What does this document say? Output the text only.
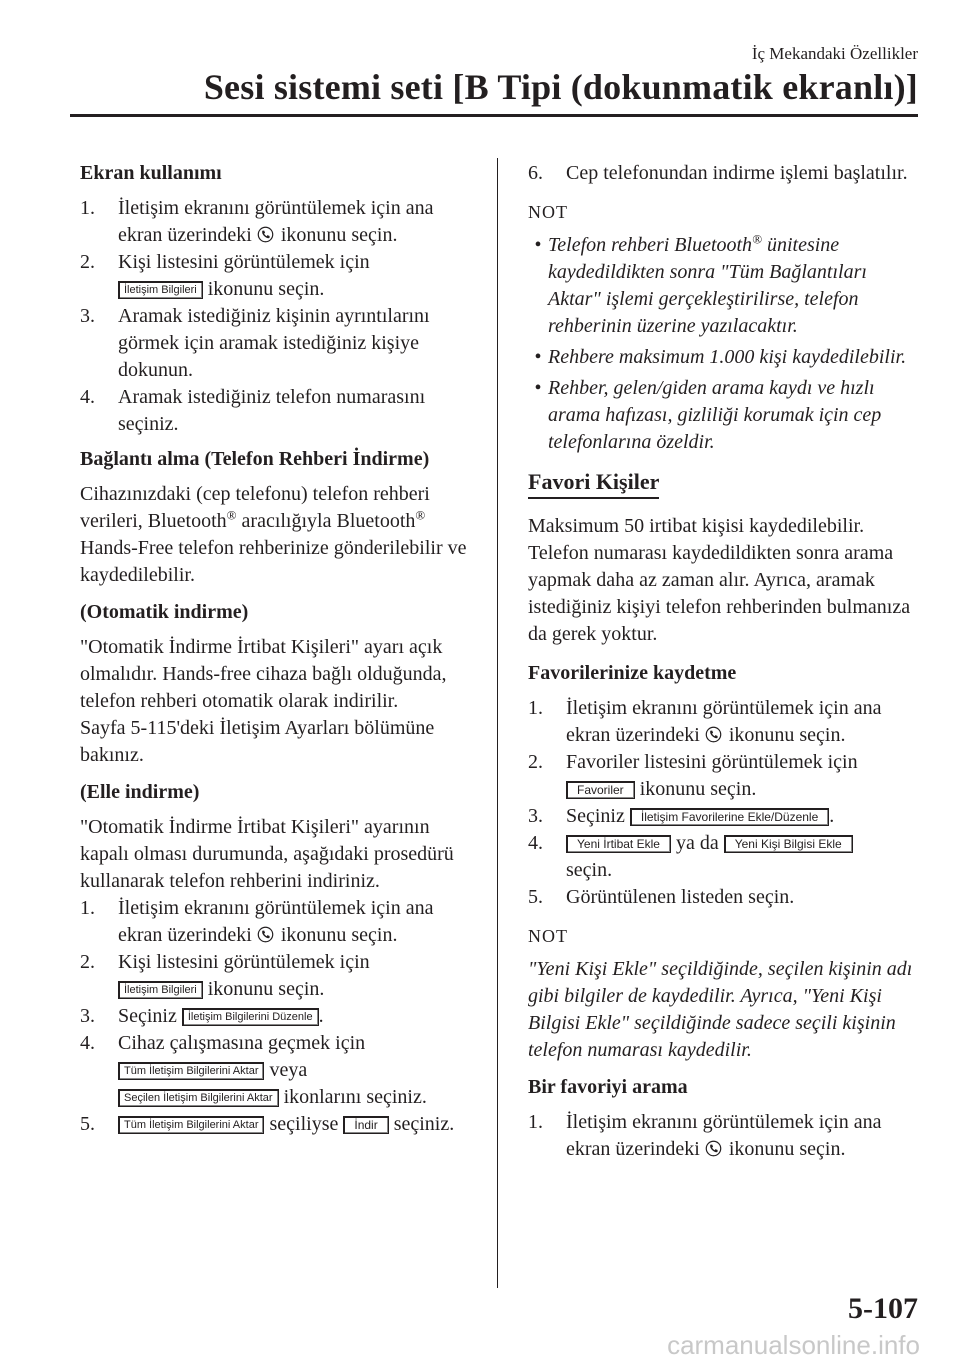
İç Mekandaki Özellikler
Sesi sistemi seti [B Tipi (dokunmatik ekranlı)]
Ekran kullanımı
1.	İletişim ekranını görüntülemek için ana ekran üzerindeki  ikonunu seçin.
2.	Kişi listesini görüntülemek için
İletişim Bilgileri ikonunu seçin.
3.	Aramak istediğiniz kişinin ayrıntılarını görmek için aramak istediğiniz kişiye dokunun.
4.	Aramak istediğiniz telefon numarasını seçiniz.
Bağlantı alma (Telefon Rehberi İndirme)
Cihazınızdaki (cep telefonu) telefon rehberi verileri, Bluetooth® aracılığıyla Bluetooth® Hands-Free telefon rehberinize gönderilebilir ve kaydedilebilir.
(Otomatik indirme)
"Otomatik İndirme İrtibat Kişileri" ayarı açık olmalıdır. Hands-free cihaza bağlı olduğunda, telefon rehberi otomatik olarak indirilir.
Sayfa 5-115'deki İletişim Ayarları bölümüne bakınız.
(Elle indirme)
"Otomatik İndirme İrtibat Kişileri" ayarının kapalı olması durumunda, aşağıdaki prosedürü kullanarak telefon rehberini indiriniz.
1.	İletişim ekranını görüntülemek için ana ekran üzerindeki  ikonunu seçin.
2.	Kişi listesini görüntülemek için
İletişim Bilgileri ikonunu seçin.
3.	Seçiniz İletişim Bilgilerini Düzenle .
4.	Cihaz çalışmasına geçmek için
Tüm İletişim Bilgilerini Aktar veya
Seçilen İletişim Bilgilerini Aktar ikonlarını seçiniz.
5.	Tüm İletişim Bilgilerini Aktar seçiliyse İndir seçiniz.
6.	Cep telefonundan indirme işlemi başlatılır.
NOT
• Telefon rehberi Bluetooth® ünitesine kaydedildikten sonra "Tüm Bağlantıları Aktar" işlemi gerçekleştirilirse, telefon rehberinin üzerine yazılacaktır.
• Rehbere maksimum 1.000 kişi kaydedilebilir.
• Rehber, gelen/giden arama kaydı ve hızlı arama hafızası, gizliliği korumak için cep telefonlarına özeldir.
Favori Kişiler
Maksimum 50 irtibat kişisi kaydedilebilir. Telefon numarası kaydedildikten sonra arama yapmak daha az zaman alır. Ayrıca, aramak istediğiniz kişiyi telefon rehberinden bulmanıza da gerek yoktur.
Favorilerinize kaydetme
1.	İletişim ekranını görüntülemek için ana ekran üzerindeki  ikonunu seçin.
2.	Favoriler listesini görüntülemek için
Favoriler ikonunu seçin.
3.	Seçiniz İletişim Favorilerine Ekle/Düzenle .
4.	Yeni İrtibat Ekle ya da Yeni Kişi Bilgisi Ekle
seçin.
5.	Görüntülenen listeden seçin.
NOT
"Yeni Kişi Ekle" seçildiğinde, seçilen kişinin adı gibi bilgiler de kaydedilir. Ayrıca, "Yeni Kişi Bilgisi Ekle" seçildiğinde sadece seçili kişinin telefon numarası kaydedilir.
Bir favoriyi arama
1.	İletişim ekranını görüntülemek için ana ekran üzerindeki  ikonunu seçin.
5-107
carmanualsonline.info
